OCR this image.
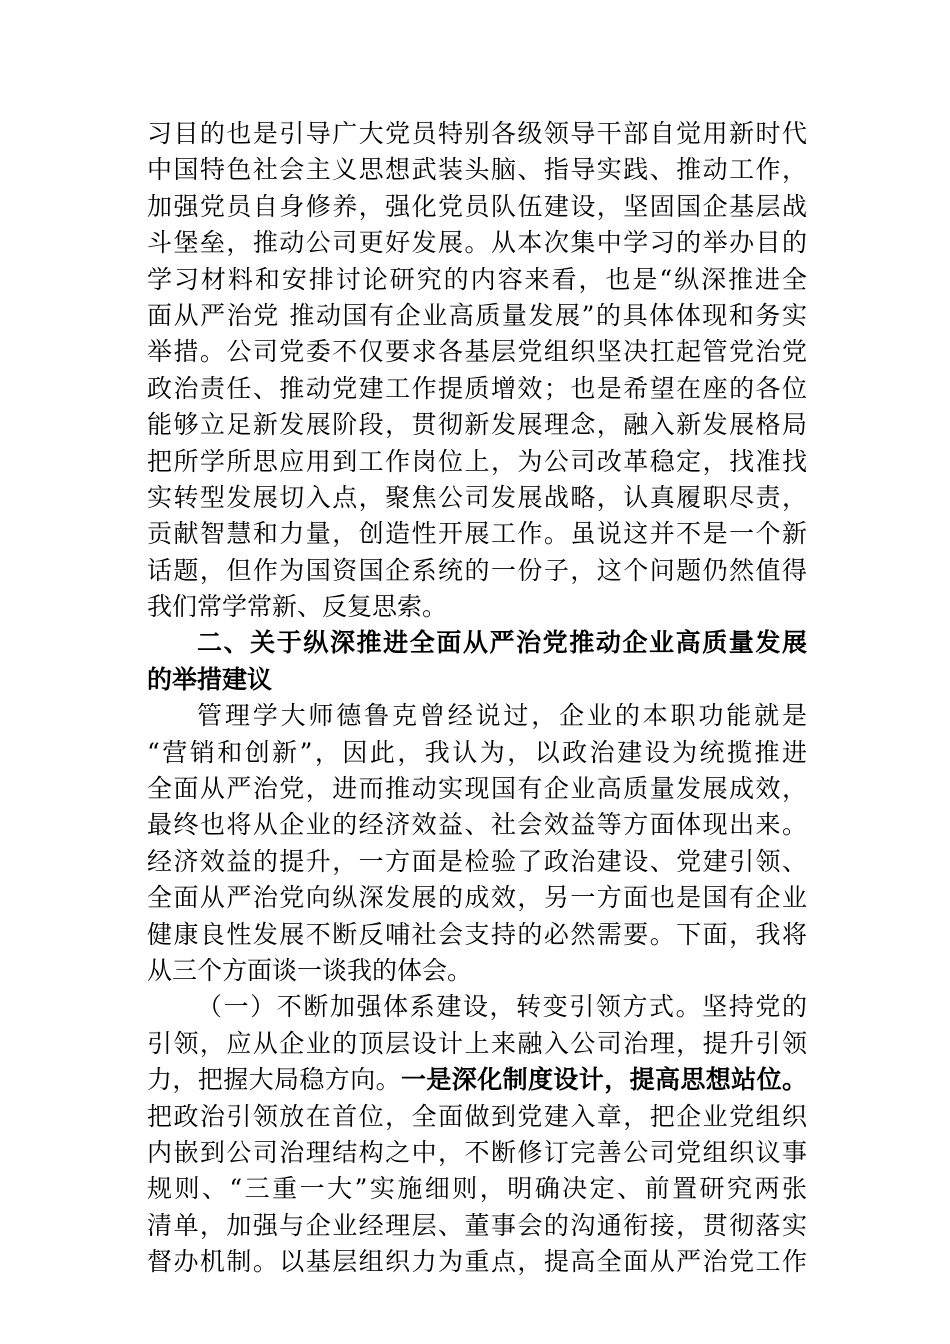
习目的也是引导广大党员特别各级领导干部自觉用新时代
中国特色社会主义思想武装头脑、指导实践、推动工作，
加强党员自身修养，强化党员队伍建设，坚固国企基层战
斗堡垒，推动公司更好发展。从本次集中学习的举办目的
学习材料和安排讨论研究的内容来看，也是“纵深推进全
面从严治党 推动国有企业高质量发展”的具体体现和务实
举措。公司党委不仅要求各基层党组织坚决扛起管党治党
政治责任、推动党建工作提质增效；也是希望在座的各位
能够立足新发展阶段，贯彻新发展理念，融入新发展格局
把所学所思应用到工作岗位上，为公司改革稳定，找准找
实转型发展切入点，聚焦公司发展战略，认真履职尽责，
贡献智慧和力量，创造性开展工作。虽说这并不是一个新
话题，但作为国资国企系统的一份子，这个问题仍然值得
我们常学常新、反复思索。
二、关于纵深推进全面从严治党推动企业高质量发展
的举措建议
管理学大师德鲁克曾经说过，企业的本职功能就是
“营销和创新”，因此，我认为，以政治建设为统揽推进
全面从严治党，进而推动实现国有企业高质量发展成效，
最终也将从企业的经济效益、社会效益等方面体现出来。
经济效益的提升，一方面是检验了政治建设、党建引领、
全面从严治党向纵深发展的成效，另一方面也是国有企业
健康良性发展不断反哺社会支持的必然需要。下面，我将
从三个方面谈一谈我的体会。
（一）不断加强体系建设，转变引领方式。坚持党的
引领，应从企业的顶层设计上来融入公司治理，提升引领
力，把握大局稳方向。一是深化制度设计，提高思想站位。
把政治引领放在首位，全面做到党建入章，把企业党组织
内嵌到公司治理结构之中，不断修订完善公司党组织议事
规则、“三重一大”实施细则，明确决定、前置研究两张
清单，加强与企业经理层、董事会的沟通衔接，贯彻落实
督办机制。以基层组织力为重点，提高全面从严治党工作
